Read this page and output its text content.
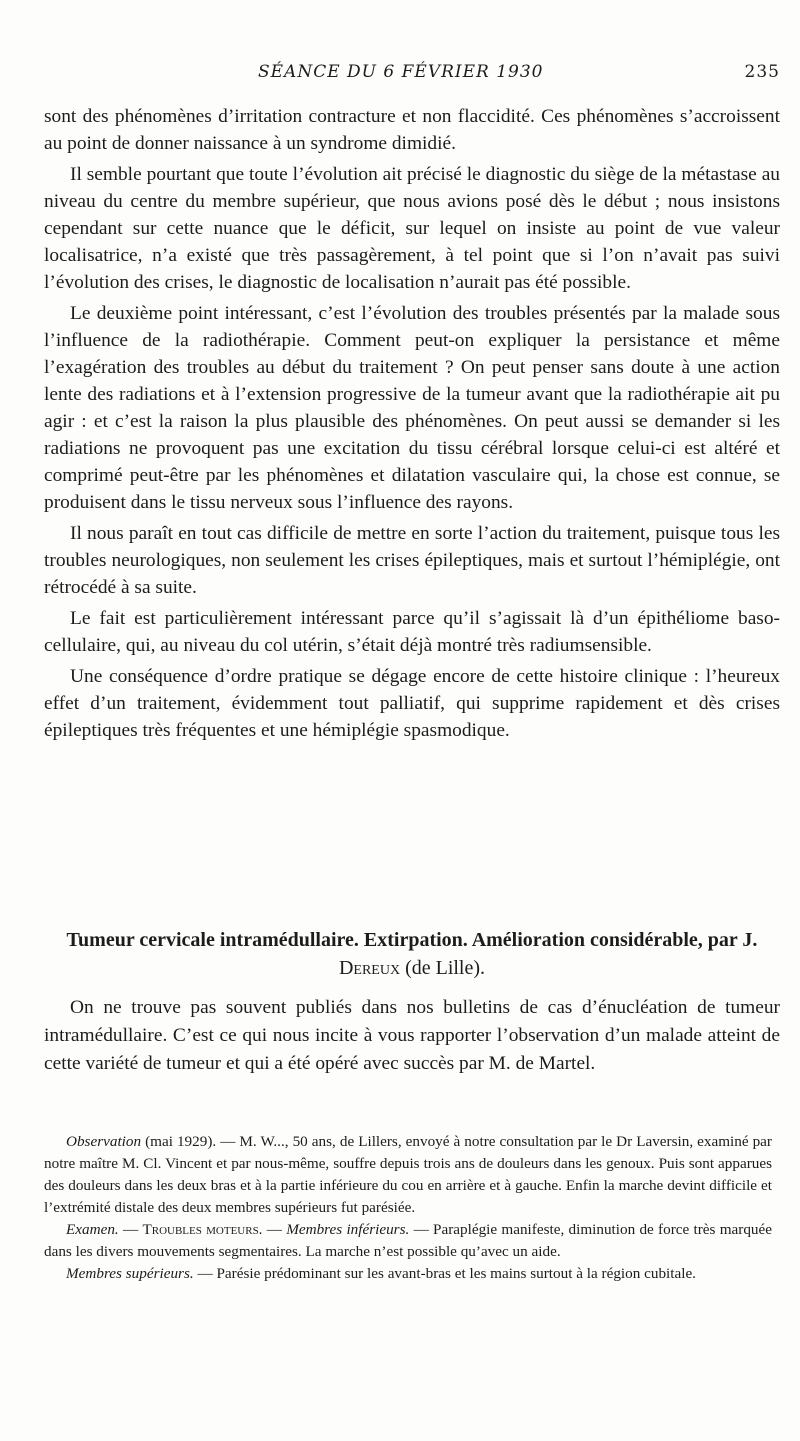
SÉANCE DU 6 FÉVRIER 1930	235

sont des phénomènes d’irritation contracture et non flaccidité. Ces phénomènes s’accroissent au point de donner naissance à un syndrome dimidié.

Il semble pourtant que toute l’évolution ait précisé le diagnostic du siège de la métastase au niveau du centre du membre supérieur, que nous avions posé dès le début ; nous insistons cependant sur cette nuance que le déficit, sur lequel on insiste au point de vue valeur localisatrice, n’a existé que très passagèrement, à tel point que si l’on n’avait pas suivi l’évolution des crises, le diagnostic de localisation n’aurait pas été possible.

Le deuxième point intéressant, c’est l’évolution des troubles présentés par la malade sous l’influence de la radiothérapie. Comment peut-on expliquer la persistance et même l’exagération des troubles au début du traitement ? On peut penser sans doute à une action lente des radiations et à l’extension progressive de la tumeur avant que la radiothérapie ait pu agir : et c’est la raison la plus plausible des phénomènes. On peut aussi se demander si les radiations ne provoquent pas une excitation du tissu cérébral lorsque celui-ci est altéré et comprimé peut-être par les phénomènes et dilatation vasculaire qui, la chose est connue, se produisent dans le tissu nerveux sous l’influence des rayons.

Il nous paraît en tout cas difficile de mettre en sorte l’action du traitement, puisque tous les troubles neurologiques, non seulement les crises épileptiques, mais et surtout l’hémiplégie, ont rétrocédé à sa suite.

Le fait est particulièrement intéressant parce qu’il s’agissait là d’un épithéliome baso-cellulaire, qui, au niveau du col utérin, s’était déjà montré très radiumsensible.

Une conséquence d’ordre pratique se dégage encore de cette histoire clinique : l’heureux effet d’un traitement, évidemment tout palliatif, qui supprime rapidement et dès crises épileptiques très fréquentes et une hémiplégie spasmodique.

Tumeur cervicale intramédullaire. Extirpation. Amélioration considérable, par J. Dereux (de Lille).
On ne trouve pas souvent publiés dans nos bulletins de cas d’énucléation de tumeur intramédullaire. C’est ce qui nous incite à vous rapporter l’observation d’un malade atteint de cette variété de tumeur et qui a été opéré avec succès par M. de Martel.

Observation (mai 1929). — M. W..., 50 ans, de Lillers, envoyé à notre consultation par le Dr Laversin, examiné par notre maître M. Cl. Vincent et par nous-même, souffre depuis trois ans de douleurs dans les genoux. Puis sont apparues des douleurs dans les deux bras et à la partie inférieure du cou en arrière et à gauche. Enfin la marche devint difficile et l’extrémité distale des deux membres supérieurs fut parésiée.

Examen. — Troubles moteurs. — Membres inférieurs. — Paraplégie manifeste, diminution de force très marquée dans les divers mouvements segmentaires. La marche n’est possible qu’avec un aide.

Membres supérieurs. — Parésie prédominant sur les avant-bras et les mains surtout à la région cubitale.
